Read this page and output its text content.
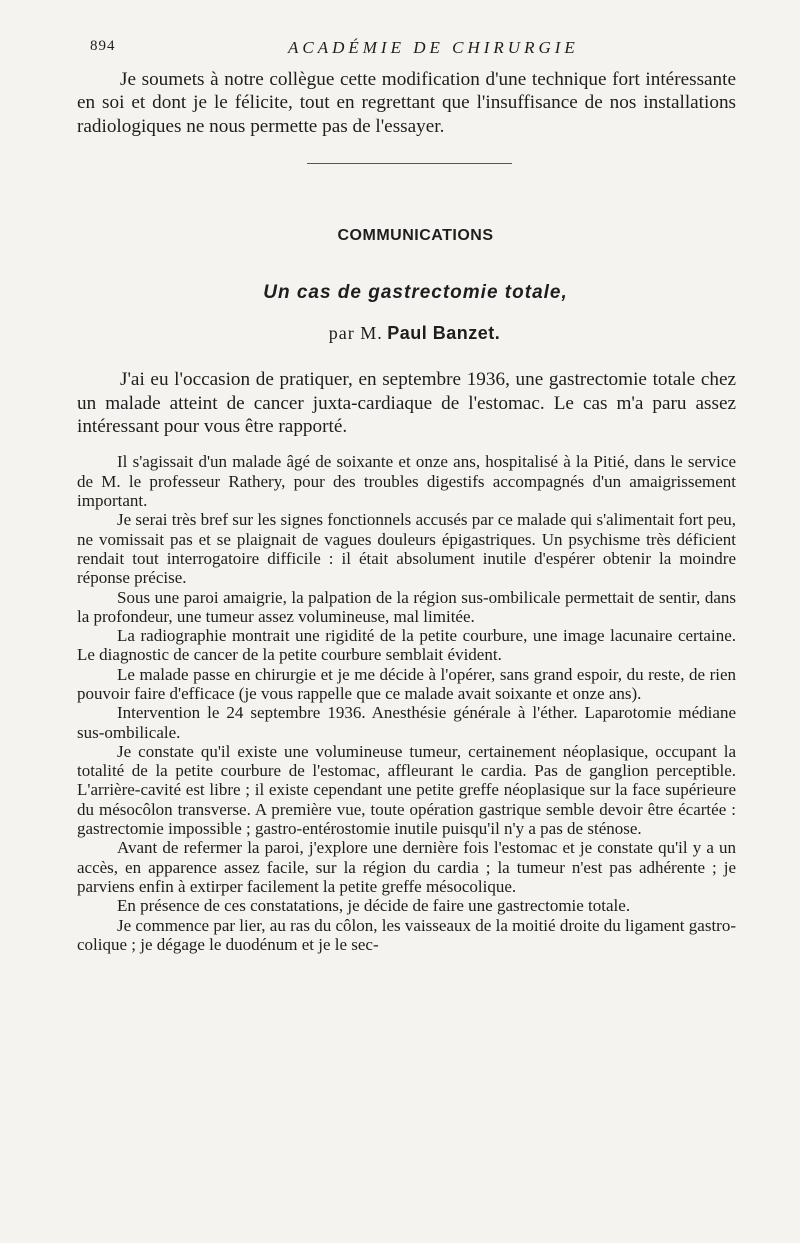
894	ACADÉMIE DE CHIRURGIE

Je soumets à notre collègue cette modification d'une technique fort intéressante en soi et dont je le félicite, tout en regrettant que l'insuffisance de nos installations radiologiques ne nous permette pas de l'essayer.

COMMUNICATIONS
Un cas de gastrectomie totale,
par M. Paul Banzet.

J'ai eu l'occasion de pratiquer, en septembre 1936, une gastrectomie totale chez un malade atteint de cancer juxta-cardiaque de l'estomac. Le cas m'a paru assez intéressant pour vous être rapporté.

Il s'agissait d'un malade âgé de soixante et onze ans, hospitalisé à la Pitié, dans le service de M. le professeur Rathery, pour des troubles digestifs accompagnés d'un amaigrissement important.

Je serai très bref sur les signes fonctionnels accusés par ce malade qui s'alimentait fort peu, ne vomissait pas et se plaignait de vagues douleurs épigastriques. Un psychisme très déficient rendait tout interrogatoire difficile : il était absolument inutile d'espérer obtenir la moindre réponse précise.

Sous une paroi amaigrie, la palpation de la région sus-ombilicale permettait de sentir, dans la profondeur, une tumeur assez volumineuse, mal limitée.

La radiographie montrait une rigidité de la petite courbure, une image lacunaire certaine. Le diagnostic de cancer de la petite courbure semblait évident.

Le malade passe en chirurgie et je me décide à l'opérer, sans grand espoir, du reste, de rien pouvoir faire d'efficace (je vous rappelle que ce malade avait soixante et onze ans).

Intervention le 24 septembre 1936. Anesthésie générale à l'éther. Laparotomie médiane sus-ombilicale.

Je constate qu'il existe une volumineuse tumeur, certainement néoplasique, occupant la totalité de la petite courbure de l'estomac, affleurant le cardia. Pas de ganglion perceptible. L'arrière-cavité est libre ; il existe cependant une petite greffe néoplasique sur la face supérieure du mésocôlon transverse. A première vue, toute opération gastrique semble devoir être écartée : gastrectomie impossible ; gastro-entérostomie inutile puisqu'il n'y a pas de sténose.

Avant de refermer la paroi, j'explore une dernière fois l'estomac et je constate qu'il y a un accès, en apparence assez facile, sur la région du cardia ; la tumeur n'est pas adhérente ; je parviens enfin à extirper facilement la petite greffe mésocolique.

En présence de ces constatations, je décide de faire une gastrectomie totale.

Je commence par lier, au ras du côlon, les vaisseaux de la moitié droite du ligament gastro-colique ; je dégage le duodénum et je le sec-
